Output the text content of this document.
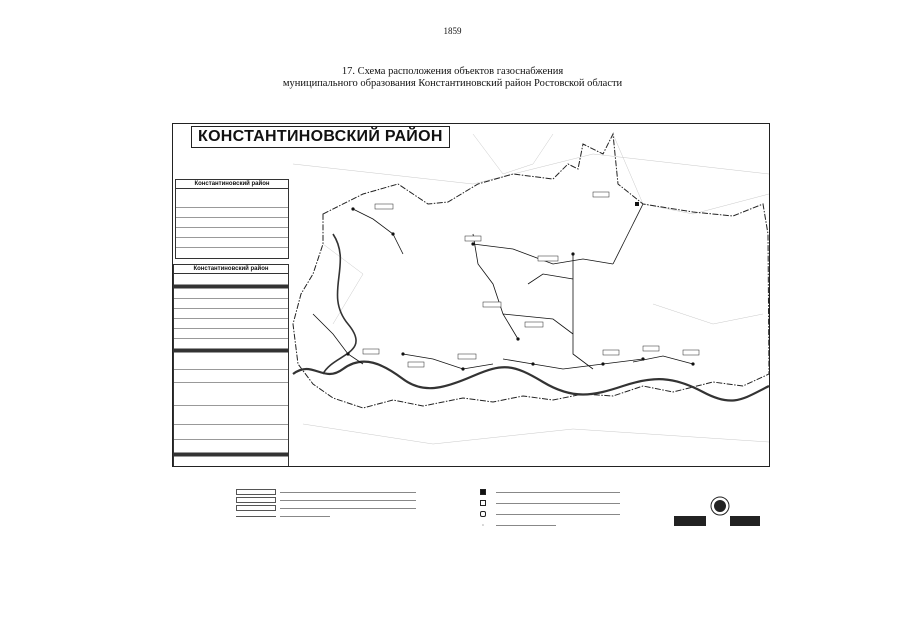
1859
17. Схема расположения объектов газоснабжения
муниципального образования Константиновский район Ростовской области
КОНСТАНТИНОВСКИЙ РАЙОН
Константиновский район
Константиновский район
•
